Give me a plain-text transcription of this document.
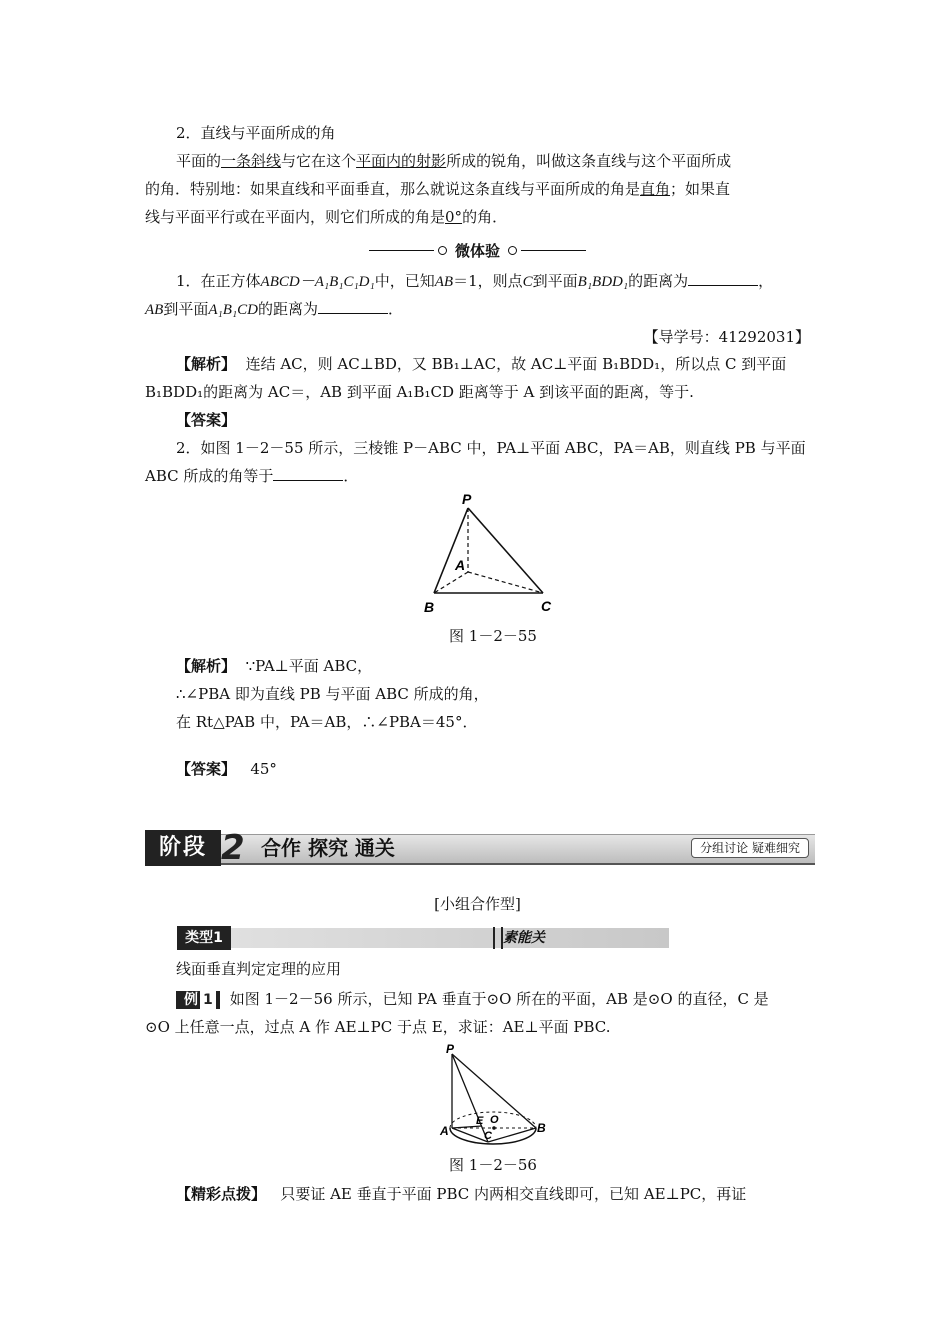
2．直线与平面所成的角
平面的一条斜线与它在这个平面内的射影所成的锐角，叫做这条直线与这个平面所成
的角．特别地：如果直线和平面垂直，那么就说这条直线与平面所成的角是直角；如果直
线与平面平行或在平面内，则它们所成的角是0°的角．
微体验
1．在正方体ABCD－A₁B₁C₁D₁中，已知AB＝1，则点C到平面B₁BDD₁的距离为	，
AB到平面A₁B₁CD的距离为	．
【导学号：41292031】
【解析】 连结 AC，则 AC⊥BD，又 BB₁⊥AC，故 AC⊥平面 B₁BDD₁，所以点 C 到平面
B₁BDD₁的距离为 AC＝，AB 到平面 A₁B₁CD 距离等于 A 到该平面的距离，等于.
【答案】
2．如图 1－2－55 所示，三棱锥 P－ABC 中，PA⊥平面 ABC，PA＝AB，则直线 PB 与平面
ABC 所成的角等于	．
P
A
B	C
图 1－2－55
【解析】 ∵PA⊥平面 ABC，
∴∠PBA 即为直线 PB 与平面 ABC 所成的角，
在 Rt△PAB 中，PA＝AB，∴∠PBA＝45°．
【答案】 45°
阶段 2 合作 探究 通关	分组讨论 疑难细究
[小组合作型]
类型1	素能关
线面垂直判定定理的应用
例 1 如图 1－2－56 所示，已知 PA 垂直于⊙O 所在的平面，AB 是⊙O 的直径，C 是
⊙O 上任意一点，过点 A 作 AE⊥PC 于点 E，求证：AE⊥平面 PBC.
P
A	B
C
E O
图 1－2－56
【精彩点拨】 只要证 AE 垂直于平面 PBC 内两相交直线即可，已知 AE⊥PC，再证
